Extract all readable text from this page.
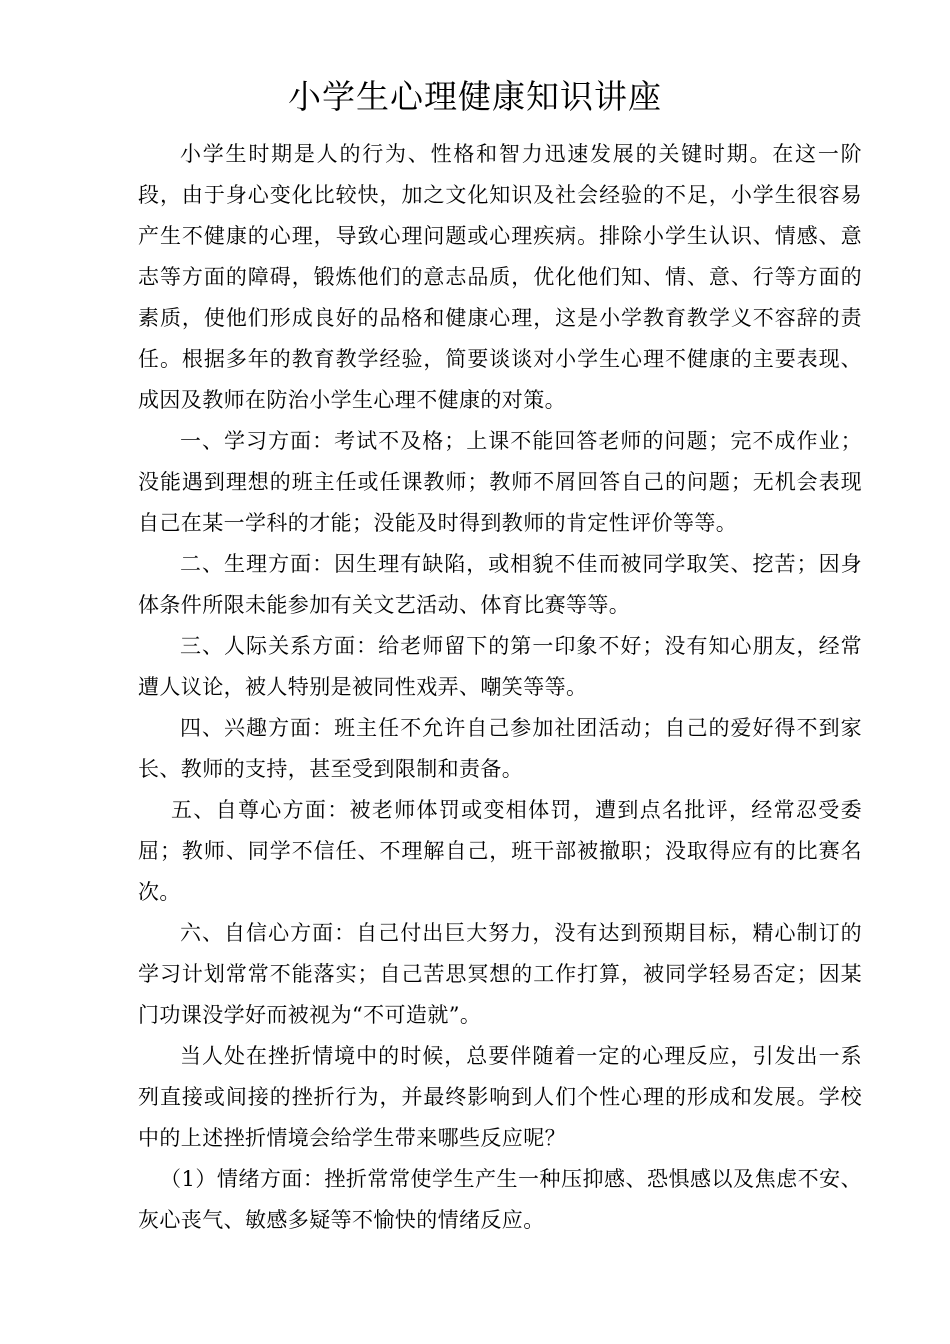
小学生心理健康知识讲座

小学生时期是人的行为、性格和智力迅速发展的关键时期。在这一阶段，由于身心变化比较快，加之文化知识及社会经验的不足，小学生很容易产生不健康的心理，导致心理问题或心理疾病。排除小学生认识、情感、意志等方面的障碍，锻炼他们的意志品质，优化他们知、情、意、行等方面的素质，使他们形成良好的品格和健康心理，这是小学教育教学义不容辞的责任。根据多年的教育教学经验，简要谈谈对小学生心理不健康的主要表现、成因及教师在防治小学生心理不健康的对策。

一、学习方面：考试不及格；上课不能回答老师的问题；完不成作业；没能遇到理想的班主任或任课教师；教师不屑回答自己的问题；无机会表现自己在某一学科的才能；没能及时得到教师的肯定性评价等等。

二、生理方面：因生理有缺陷，或相貌不佳而被同学取笑、挖苦；因身体条件所限未能参加有关文艺活动、体育比赛等等。

三、人际关系方面：给老师留下的第一印象不好；没有知心朋友，经常遭人议论，被人特别是被同性戏弄、嘲笑等等。

四、兴趣方面：班主任不允许自己参加社团活动；自己的爱好得不到家长、教师的支持，甚至受到限制和责备。

五、自尊心方面：被老师体罚或变相体罚，遭到点名批评，经常忍受委屈；教师、同学不信任、不理解自己，班干部被撤职；没取得应有的比赛名次。

六、自信心方面：自己付出巨大努力，没有达到预期目标，精心制订的学习计划常常不能落实；自己苦思冥想的工作打算，被同学轻易否定；因某门功课没学好而被视为“不可造就”。

当人处在挫折情境中的时候，总要伴随着一定的心理反应，引发出一系列直接或间接的挫折行为，并最终影响到人们个性心理的形成和发展。学校中的上述挫折情境会给学生带来哪些反应呢？

（1）情绪方面：挫折常常使学生产生一种压抑感、恐惧感以及焦虑不安、灰心丧气、敏感多疑等不愉快的情绪反应。
